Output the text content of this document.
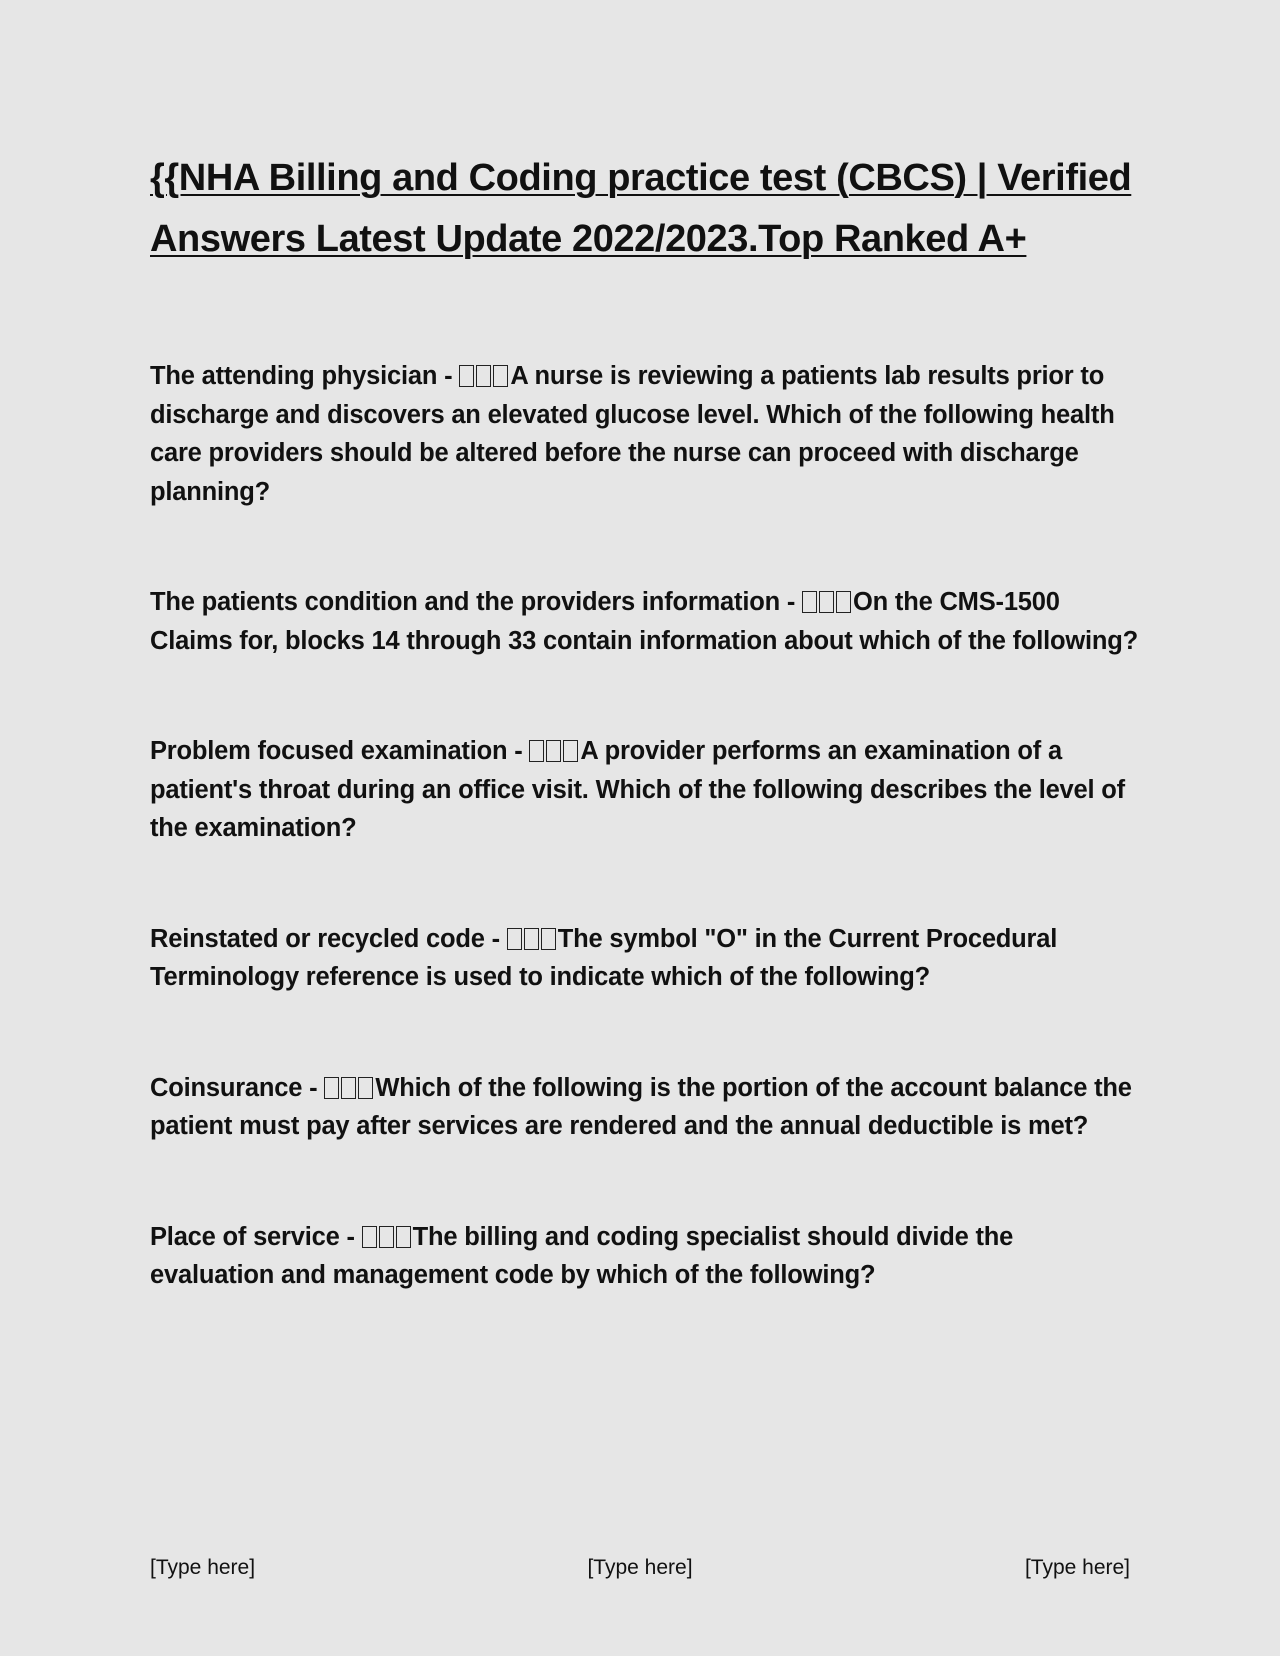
{{NHA Billing and Coding practice test (CBCS) | Verified Answers Latest Update 2022/2023.Top Ranked A+

The attending physician - A nurse is reviewing a patients lab results prior to discharge and discovers an elevated glucose level. Which of the following health care providers should be altered before the nurse can proceed with discharge planning?

The patients condition and the providers information - On the CMS-1500 Claims for, blocks 14 through 33 contain information about which of the following?

Problem focused examination - A provider performs an examination of a patient's throat during an office visit. Which of the following describes the level of the examination?

Reinstated or recycled code - The symbol "O" in the Current Procedural Terminology reference is used to indicate which of the following?

Coinsurance - Which of the following is the portion of the account balance the patient must pay after services are rendered and the annual deductible is met?

Place of service - The billing and coding specialist should divide the evaluation and management code by which of the following?

[Type here]	[Type here]	[Type here]
